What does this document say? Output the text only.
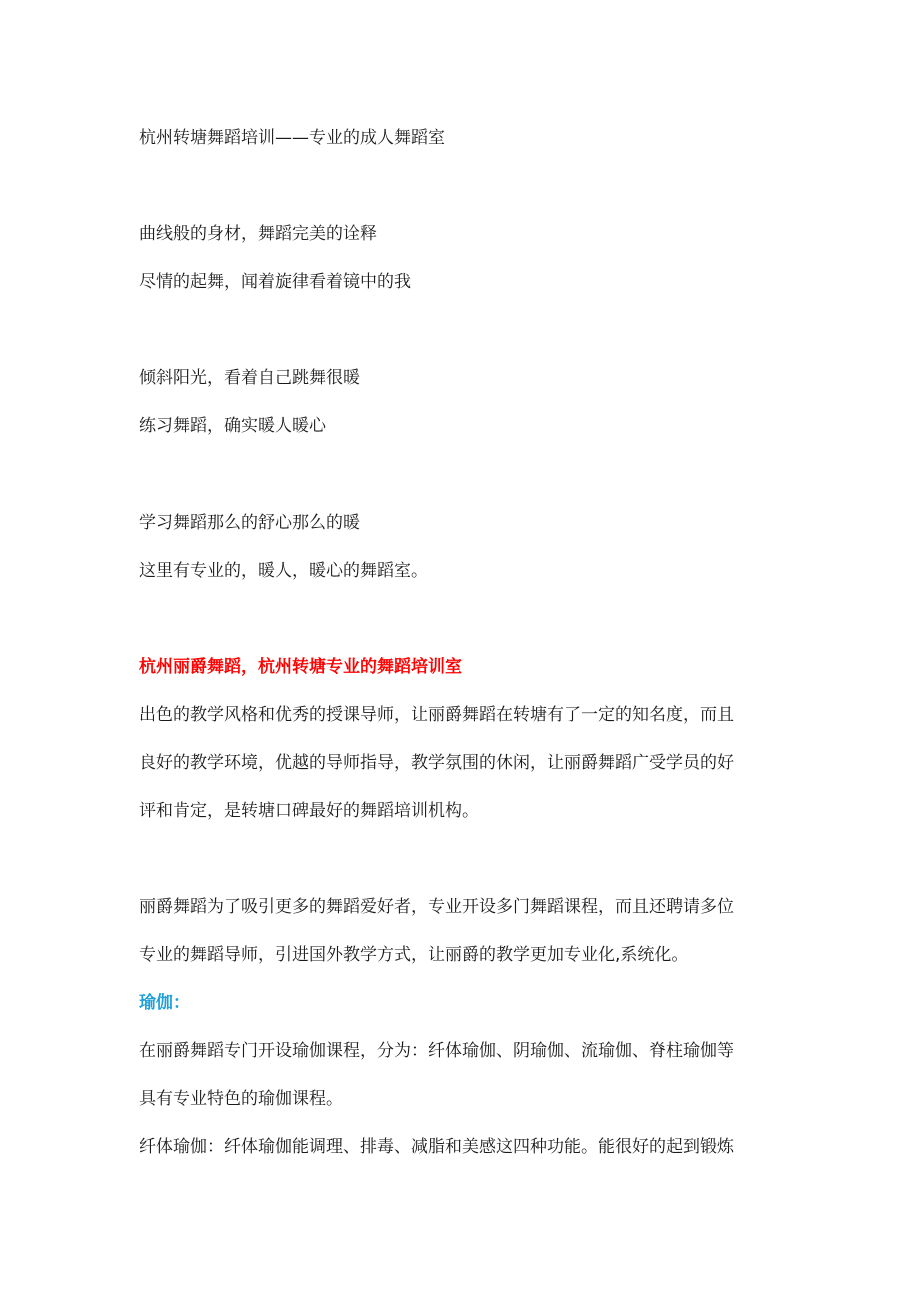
杭州转塘舞蹈培训——专业的成人舞蹈室
曲线般的身材，舞蹈完美的诠释
尽情的起舞，闻着旋律看着镜中的我
倾斜阳光，看着自己跳舞很暖
练习舞蹈，确实暖人暖心
学习舞蹈那么的舒心那么的暖
这里有专业的，暖人，暖心的舞蹈室。
杭州丽爵舞蹈，杭州转塘专业的舞蹈培训室
出色的教学风格和优秀的授课导师，让丽爵舞蹈在转塘有了一定的知名度，而且
良好的教学环境，优越的导师指导，教学氛围的休闲，让丽爵舞蹈广受学员的好
评和肯定，是转塘口碑最好的舞蹈培训机构。
丽爵舞蹈为了吸引更多的舞蹈爱好者，专业开设多门舞蹈课程，而且还聘请多位
专业的舞蹈导师，引进国外教学方式，让丽爵的教学更加专业化,系统化。
瑜伽：
在丽爵舞蹈专门开设瑜伽课程，分为：纤体瑜伽、阴瑜伽、流瑜伽、脊柱瑜伽等
具有专业特色的瑜伽课程。
纤体瑜伽：纤体瑜伽能调理、排毒、减脂和美感这四种功能。能很好的起到锻炼
